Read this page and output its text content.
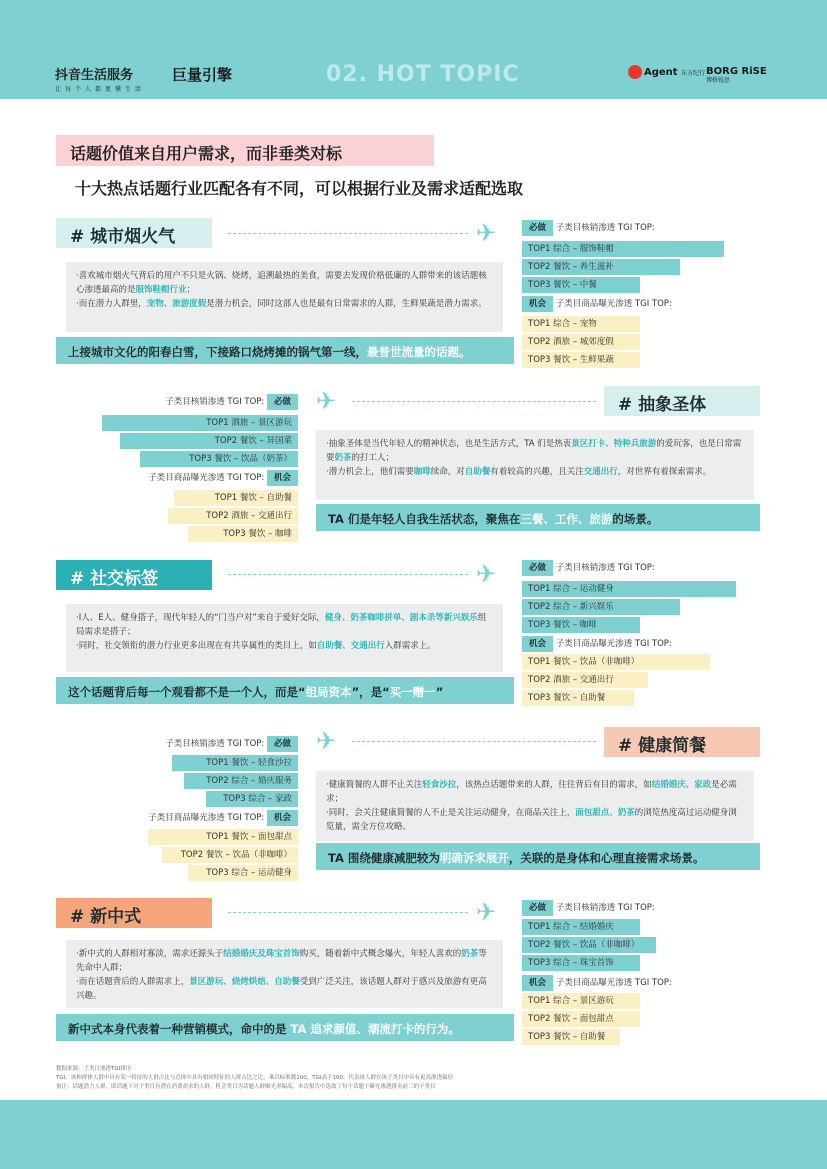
抖音生活服务
让每个人都更懂生活
巨量引擎	02. HOT TOPIC	Agent 东方纪行 BORG RiSE
博格锐思
话题价值来自用户需求，而非垂类对标
十大热点话题行业匹配各有不同，可以根据行业及需求适配选取
# 城市烟火气	✈
·喜欢城市烟火气背后的用户不只是火锅、烧烤，追溯最热的美食，需要去发现价格低廉的人群带来的该话题核心渗透最高的是服饰鞋帽行业；
·而在潜力人群里，宠物、旅游度假是潜力机会，同时这部人也是最有日常需求的人群，生鲜果蔬是潜力需求。
上接城市文化的阳春白雪，下接路口烧烤摊的锅气第一线，最普世流量的话题。
必做 子类目核销渗透 TGI TOP:
TOP1 综合 – 服饰鞋帽
TOP2 餐饮 – 养生滋补
TOP3 餐饮 – 中餐
机会 子类目商品曝光渗透 TGI TOP:
TOP1 综合 – 宠物
TOP2 酒旅 – 城郊度假
TOP3 餐饮 – 生鲜果蔬
子类目核销渗透 TGI TOP: 必做
TOP1 酒旅 – 景区游玩
TOP2 餐饮 – 异国菜
TOP3 餐饮 – 饮品（奶茶）
子类目商品曝光渗透 TGI TOP: 机会
TOP1 餐饮 – 自助餐
TOP2 酒旅 – 交通出行
TOP3 餐饮 – 咖啡
✈	# 抽象圣体
·抽象圣体是当代年轻人的精神状态，也是生活方式，TA 们是热衷景区打卡、特种兵旅游的爱玩客，也是日常需要奶茶的打工人；
·潜力机会上，他们需要咖啡续命，对自助餐有着较高的兴趣，且关注交通出行，对世界有着探索需求。
TA 们是年轻人自我生活状态，聚焦在三餐、工作、旅游的场景。
# 社交标签	✈
·I人、E人、健身搭子，现代年轻人的“门当户对”来自于爱好交际，健身、奶茶咖啡拼单、剧本杀等新兴娱乐组局需求是搭子；
·同时，社交领衔的潜力行业更多出现在有共享属性的类目上，如自助餐、交通出行入群需求上。
这个话题背后每一个观看都不是一个人，而是“组局资本”，是“买一赠一”
必做 子类目核销渗透 TGI TOP:
TOP1 综合 – 运动健身
TOP2 综合 – 新兴娱乐
TOP3 餐饮 – 咖啡
机会 子类目商品曝光渗透 TGI TOP:
TOP1 餐饮 – 饮品（非咖啡）
TOP2 酒旅 – 交通出行
TOP3 餐饮 – 自助餐
子类目核销渗透 TGI TOP: 必做
TOP1 餐饮 – 轻食沙拉
TOP2 综合 – 婚庆服务
TOP3 综合 – 家政
子类目商品曝光渗透 TGI TOP: 机会
TOP1 餐饮 – 面包甜点
TOP2 餐饮 – 饮品（非咖啡）
TOP3 综合 – 运动健身
✈	# 健康简餐
·健康简餐的人群不止关注轻食沙拉，该热点话题带来的人群，往往背后有目的需求，如结婚婚庆、家政是必需求；
·同时，会关注健康简餐的人不止是关注运动健身，在商品关注上，面包甜点、奶茶的浏览热度高过运动健身浏览量，需全方位攻略。
TA 围绕健康减肥较为明确诉求展开，关联的是身体和心理直接需求场景。
# 新中式	✈
·新中式的人群相对寡淡，需求还源头于结婚婚庆及珠宝首饰购买，随着新中式概念爆火，年轻人喜欢的奶茶等先命中人群；
·而在话题背后的人群需求上，景区游玩、烧烤烘焙、自助餐受到广泛关注，该话题人群对于感兴及旅游有更高兴趣。
新中式本身代表着一种营销模式，命中的是 TA 追求颜值、潮流打卡的行为。
必做 子类目核销渗透 TGI TOP:
TOP1 综合 – 结婚婚庆
TOP2 餐饮 – 饮品（非咖啡）
TOP3 综合 – 珠宝首饰
机会 子类目商品曝光渗透 TGI TOP:
TOP1 综合 – 景区游玩
TOP2 餐饮 – 面包甜点
TOP3 餐饮 – 自助餐
数据来源：子类目渗透TGI排序
TGI：该种群体人群中具有某一特征的人群占比与总体中具有相同特征的人群占比之比，乘以标准数100，TGI高于100，代表该人群在该子类目中具有更高渗透偏好
备注：话题潜力人群，即话题下对子类目有潜在消费需求的人群，机会类目为话题人群曝光率偏高，本次报告中选取了每个话题下曝光渗透排名前三的子类目
